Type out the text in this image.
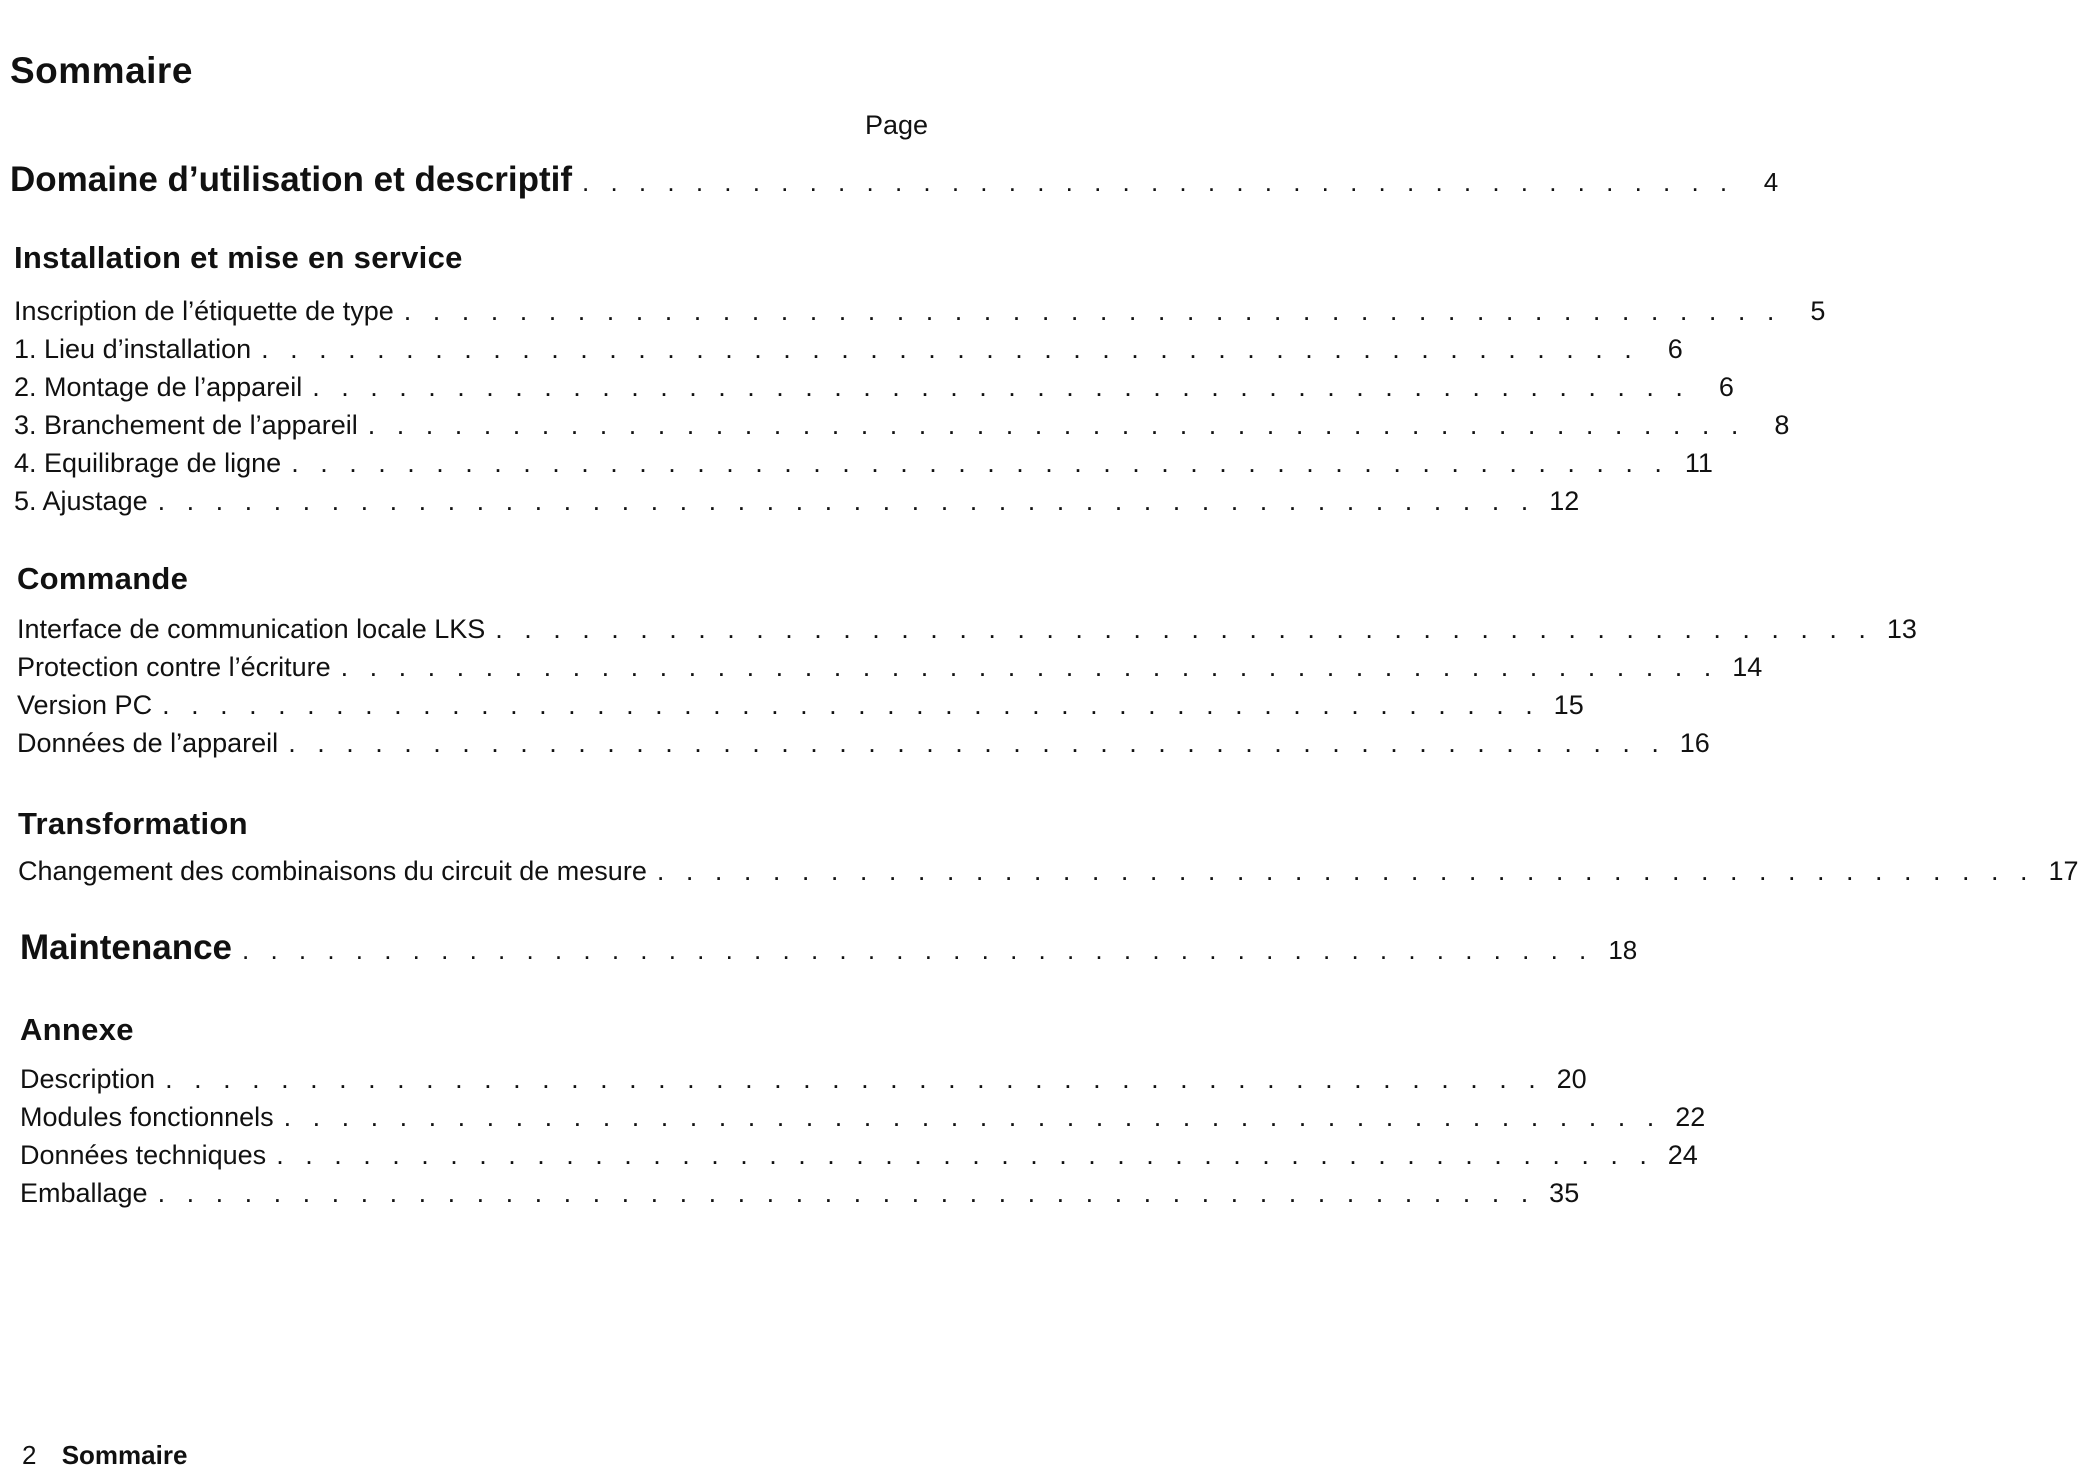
Sommaire
Page
Domaine d’utilisation et descriptif . . . . . . . . . . . . . . . . . . . . . . . . . . . . . . . . . . . . . . . . .	4
Installation et mise en service
Inscription de l’étiquette de type . . . . . . . . . . . . . . . . . . . . . . . . . . . . . . . . . . . . . . . . . . . . . . . .	5
1. Lieu d’installation . . . . . . . . . . . . . . . . . . . . . . . . . . . . . . . . . . . . . . . . . . . . . . . .	6
2. Montage de l’appareil . . . . . . . . . . . . . . . . . . . . . . . . . . . . . . . . . . . . . . . . . . . . . . . .	6
3. Branchement de l’appareil . . . . . . . . . . . . . . . . . . . . . . . . . . . . . . . . . . . . . . . . . . . . . . . .	8
4. Equilibrage de ligne . . . . . . . . . . . . . . . . . . . . . . . . . . . . . . . . . . . . . . . . . . . . . . . . 11
5. Ajustage . . . . . . . . . . . . . . . . . . . . . . . . . . . . . . . . . . . . . . . . . . . . . . . . 12
Commande
Interface de communication locale LKS . . . . . . . . . . . . . . . . . . . . . . . . . . . . . . . . . . . . . . . . . . . . . . . . 13
Protection contre l’écriture . . . . . . . . . . . . . . . . . . . . . . . . . . . . . . . . . . . . . . . . . . . . . . . . 14
Version PC . . . . . . . . . . . . . . . . . . . . . . . . . . . . . . . . . . . . . . . . . . . . . . . . 15
Données de l’appareil . . . . . . . . . . . . . . . . . . . . . . . . . . . . . . . . . . . . . . . . . . . . . . . . 16
Transformation
Changement des combinaisons du circuit de mesure . . . . . . . . . . . . . . . . . . . . . . . . . . . . . . . . . . . . . . . . . . . . . . . . 17
Maintenance . . . . . . . . . . . . . . . . . . . . . . . . . . . . . . . . . . . . . . . . . . . . . . . . 18
Annexe
Description . . . . . . . . . . . . . . . . . . . . . . . . . . . . . . . . . . . . . . . . . . . . . . . . 20
Modules fonctionnels . . . . . . . . . . . . . . . . . . . . . . . . . . . . . . . . . . . . . . . . . . . . . . . . 22
Données techniques . . . . . . . . . . . . . . . . . . . . . . . . . . . . . . . . . . . . . . . . . . . . . . . . 24
Emballage . . . . . . . . . . . . . . . . . . . . . . . . . . . . . . . . . . . . . . . . . . . . . . . . 35
2 Sommaire
